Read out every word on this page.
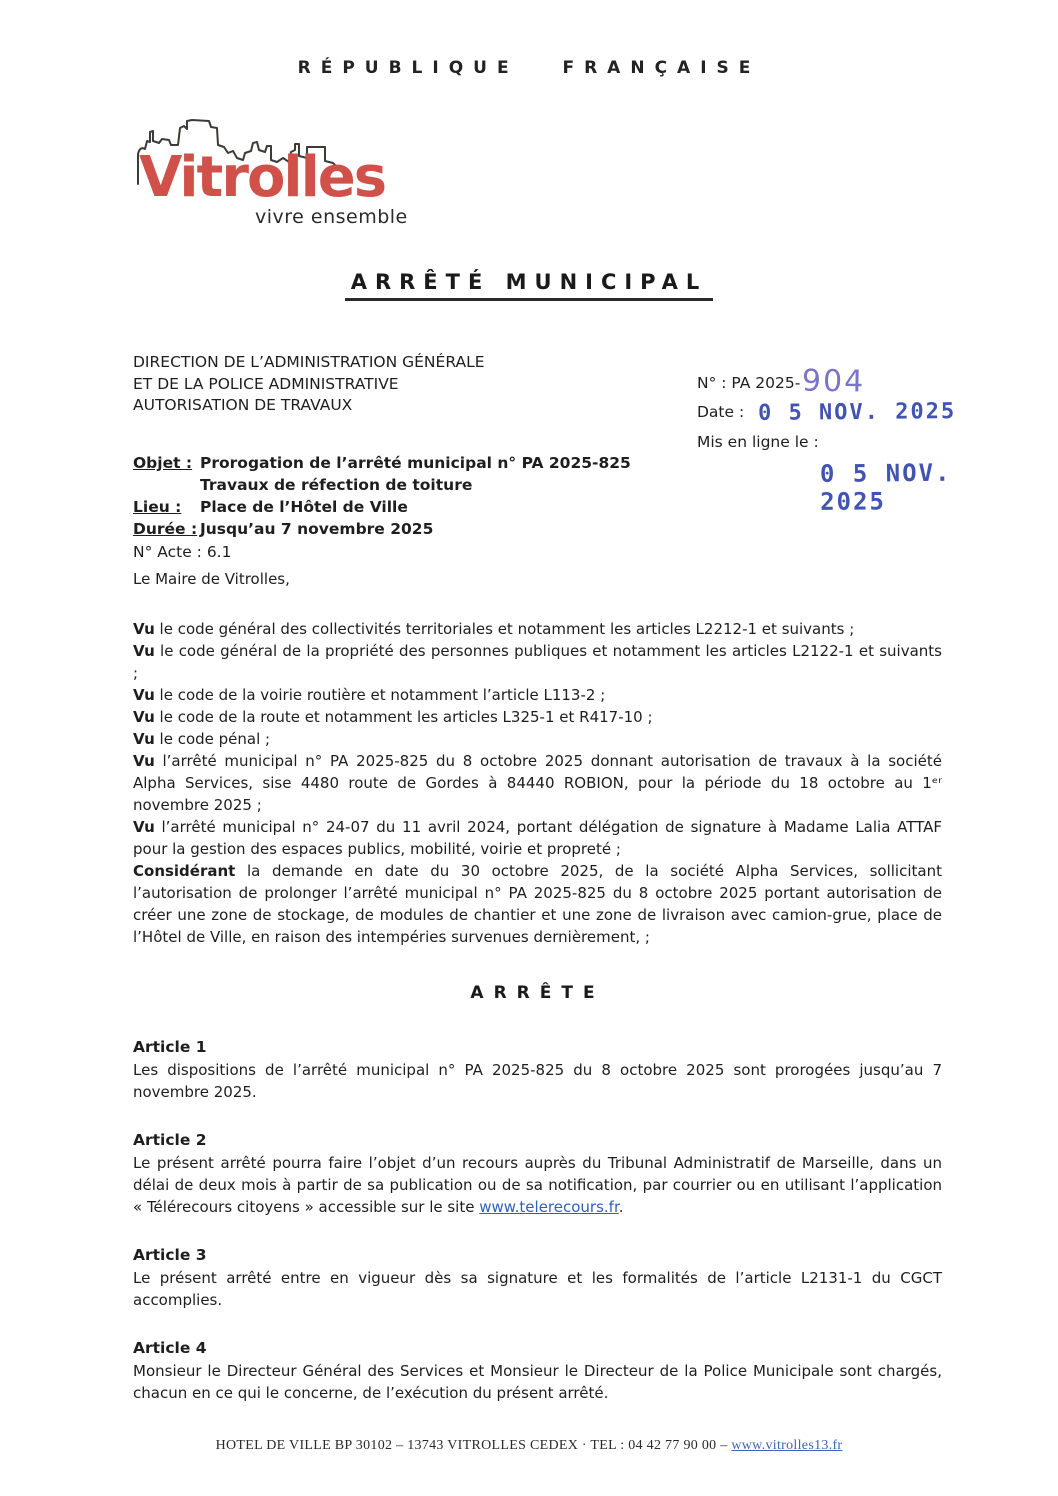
RÉPUBLIQUE FRANÇAISE
Vitrolles
vivre ensemble
ARRÊTÉ MUNICIPAL
DIRECTION DE L’ADMINISTRATION GÉNÉRALE
ET DE LA POLICE ADMINISTRATIVE
AUTORISATION DE TRAVAUX
N° : PA 2025- 904
Date : 0 5 NOV. 2025
Mis en ligne le :
0 5 NOV. 2025
Objet : Prorogation de l’arrêté municipal n° PA 2025-825
Travaux de réfection de toiture
Lieu :	Place de l’Hôtel de Ville
Durée : Jusqu’au 7 novembre 2025
N° Acte : 6.1

Le Maire de Vitrolles,

Vu le code général des collectivités territoriales et notamment les articles L2212-1 et suivants ;

Vu le code général de la propriété des personnes publiques et notamment les articles L2122-1 et suivants ;

Vu le code de la voirie routière et notamment l’article L113-2 ;

Vu le code de la route et notamment les articles L325-1 et R417-10 ;

Vu le code pénal ;

Vu l’arrêté municipal n° PA 2025-825 du 8 octobre 2025 donnant autorisation de travaux à la société Alpha Services, sise 4480 route de Gordes à 84440 ROBION, pour la période du 18 octobre au 1ᵉʳ novembre 2025 ;

Vu l’arrêté municipal n° 24-07 du 11 avril 2024, portant délégation de signature à Madame Lalia ATTAF pour la gestion des espaces publics, mobilité, voirie et propreté ;

Considérant la demande en date du 30 octobre 2025, de la société Alpha Services, sollicitant l’autorisation de prolonger l’arrêté municipal n° PA 2025-825 du 8 octobre 2025 portant autorisation de créer une zone de stockage, de modules de chantier et une zone de livraison avec camion-grue, place de l’Hôtel de Ville, en raison des intempéries survenues dernièrement, ;

ARRÊTE
Article 1
Les dispositions de l’arrêté municipal n° PA 2025-825 du 8 octobre 2025 sont prorogées jusqu’au 7 novembre 2025.
Article 2
Le présent arrêté pourra faire l’objet d’un recours auprès du Tribunal Administratif de Marseille, dans un délai de deux mois à partir de sa publication ou de sa notification, par courrier ou en utilisant l’application « Télérecours citoyens » accessible sur le site www.telerecours.fr.
Article 3
Le présent arrêté entre en vigueur dès sa signature et les formalités de l’article L2131-1 du CGCT accomplies.
Article 4
Monsieur le Directeur Général des Services et Monsieur le Directeur de la Police Municipale sont chargés, chacun en ce qui le concerne, de l’exécution du présent arrêté.
HOTEL DE VILLE BP 30102 – 13743 VITROLLES CEDEX · TEL : 04 42 77 90 00 – www.vitrolles13.fr
